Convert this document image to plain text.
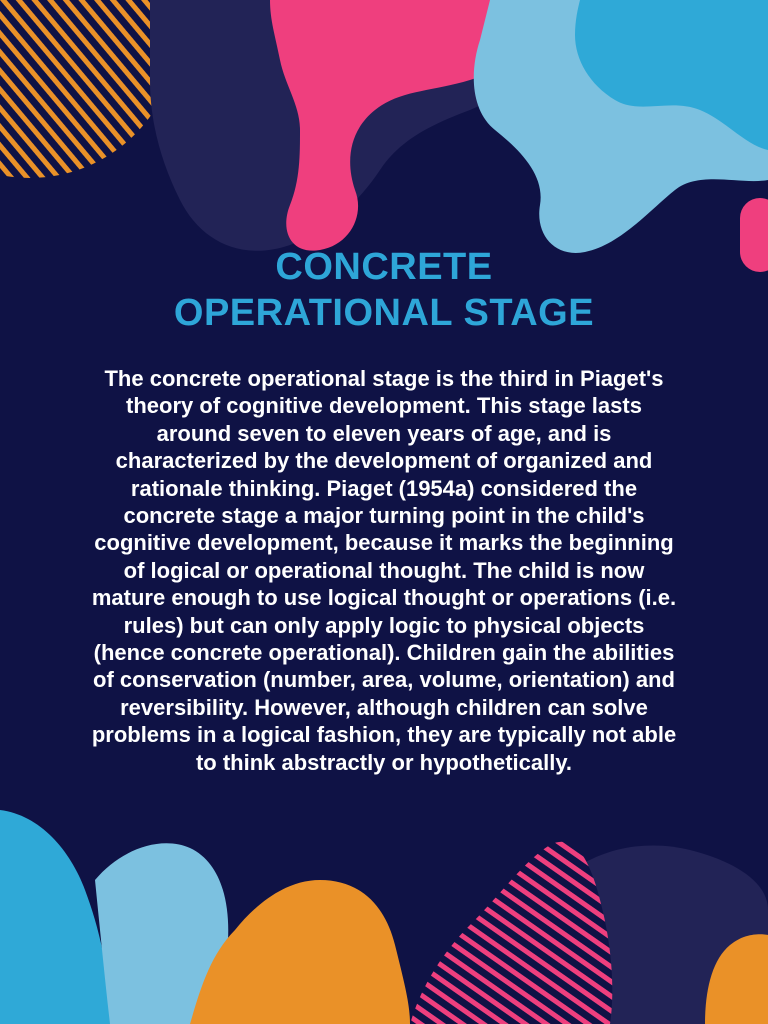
CONCRETE
OPERATIONAL STAGE

The concrete operational stage is the third in Piaget's theory of cognitive development. This stage lasts around seven to eleven years of age, and is characterized by the development of organized and rationale thinking. Piaget (1954a) considered the concrete stage a major turning point in the child's cognitive development, because it marks the beginning of logical or operational thought. The child is now mature enough to use logical thought or operations (i.e. rules) but can only apply logic to physical objects (hence concrete operational). Children gain the abilities of conservation (number, area, volume, orientation) and reversibility. However, although children can solve problems in a logical fashion, they are typically not able to think abstractly or hypothetically.
